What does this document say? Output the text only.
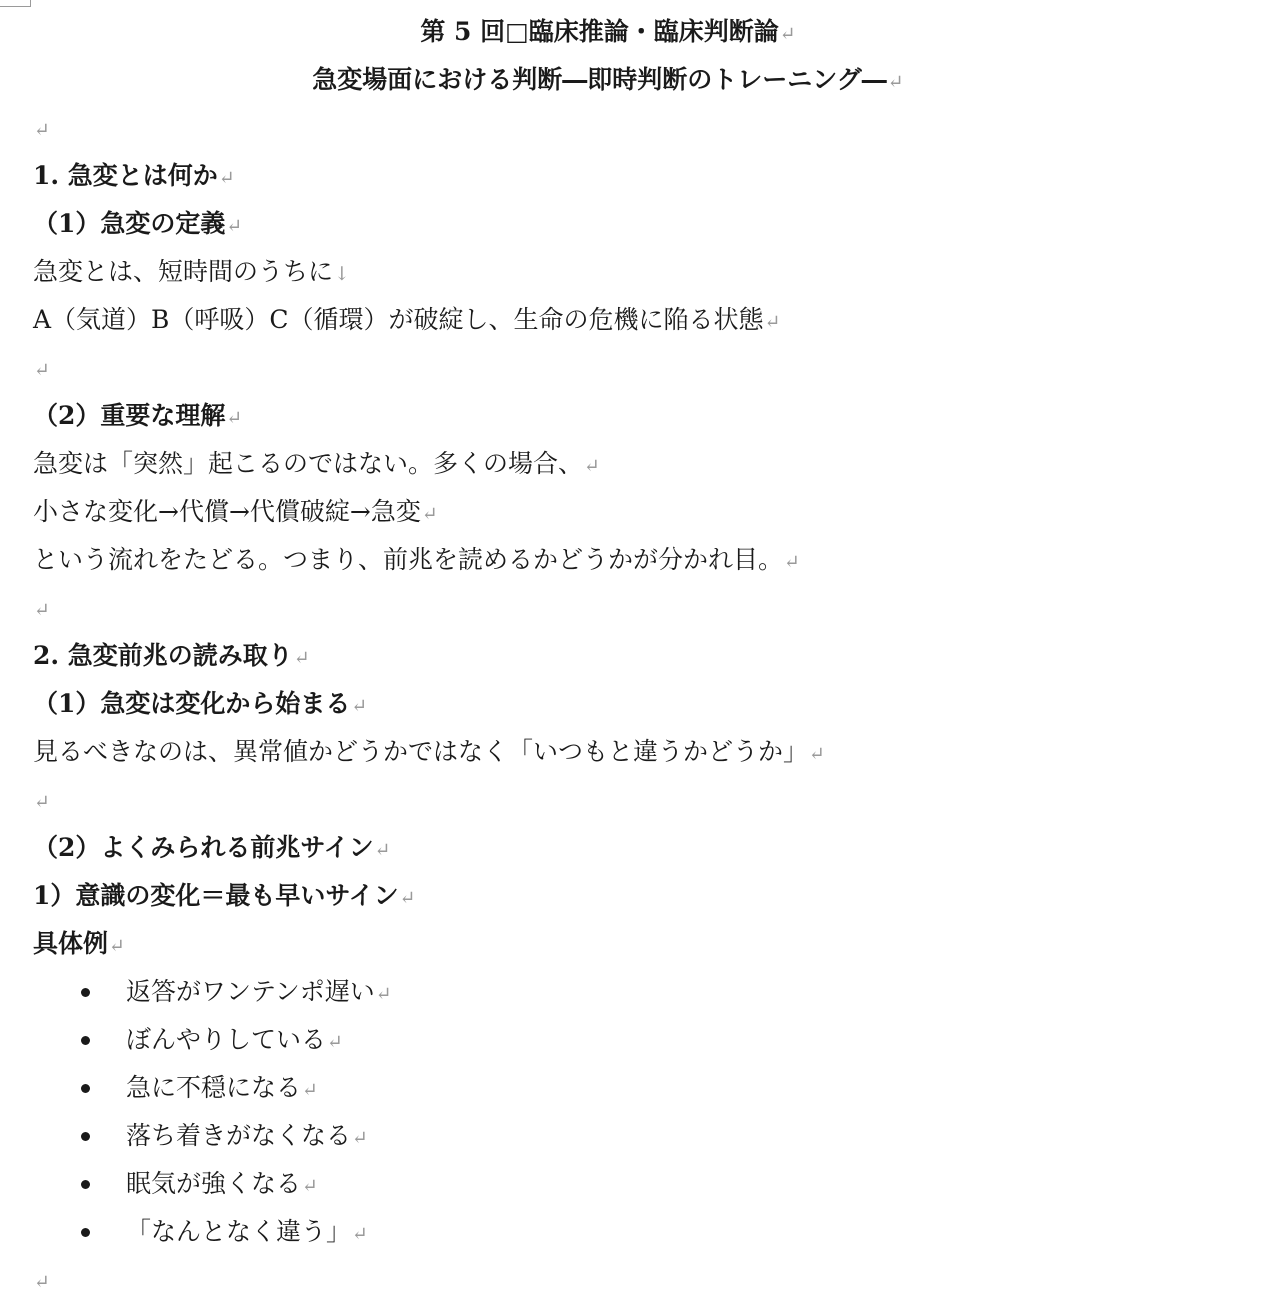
第 5 回□臨床推論・臨床判断論↵
急変場面における判断―即時判断のトレーニング―↵
↵
1. 急変とは何か↵
（1）急変の定義↵
急変とは、短時間のうちに↓
A（気道）B（呼吸）C（循環）が破綻し、生命の危機に陥る状態↵
↵
（2）重要な理解↵
急変は「突然」起こるのではない。多くの場合、↵
小さな変化→代償→代償破綻→急変↵
という流れをたどる。つまり、前兆を読めるかどうかが分かれ目。↵
↵
2. 急変前兆の読み取り↵
（1）急変は変化から始まる↵
見るべきなのは、異常値かどうかではなく「いつもと違うかどうか」↵
↵
（2）よくみられる前兆サイン↵
1）意識の変化＝最も早いサイン↵
具体例↵
返答がワンテンポ遅い↵
ぼんやりしている↵
急に不穏になる↵
落ち着きがなくなる↵
眠気が強くなる↵
「なんとなく違う」↵
↵
